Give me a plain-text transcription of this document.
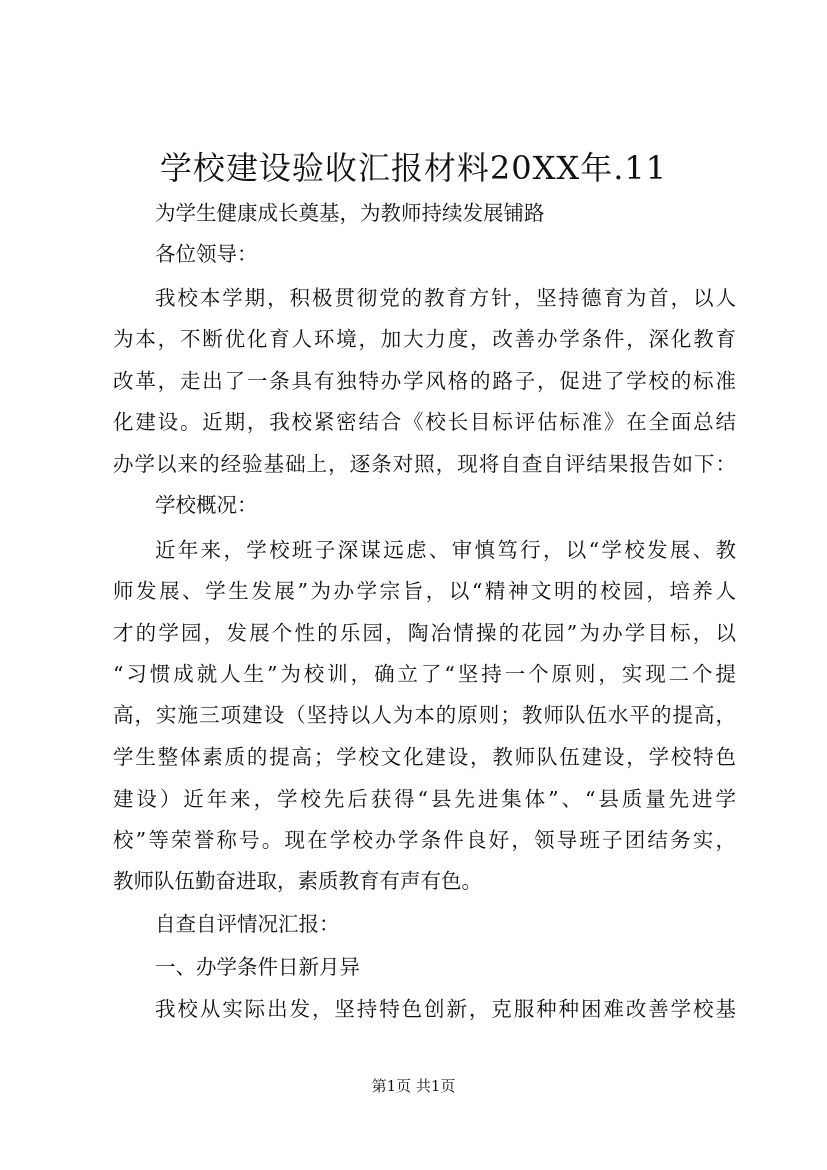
学校建设验收汇报材料20XX年.11
为学生健康成长奠基，为教师持续发展铺路
各位领导：
我校本学期，积极贯彻党的教育方针，坚持德育为首，以人
为本，不断优化育人环境，加大力度，改善办学条件，深化教育
改革，走出了一条具有独特办学风格的路子，促进了学校的标准
化建设。近期，我校紧密结合《校长目标评估标准》在全面总结
办学以来的经验基础上，逐条对照，现将自查自评结果报告如下：
学校概况：
近年来，学校班子深谋远虑、审慎笃行，以“学校发展、教
师发展、学生发展”为办学宗旨，以“精神文明的校园，培养人
才的学园，发展个性的乐园，陶冶情操的花园”为办学目标，以
“习惯成就人生”为校训，确立了“坚持一个原则，实现二个提
高，实施三项建设（坚持以人为本的原则；教师队伍水平的提高，
学生整体素质的提高；学校文化建设，教师队伍建设，学校特色
建设）近年来，学校先后获得“县先进集体”、“县质量先进学
校”等荣誉称号。现在学校办学条件良好，领导班子团结务实，
教师队伍勤奋进取，素质教育有声有色。
自查自评情况汇报：
一、办学条件日新月异
我校从实际出发，坚持特色创新，克服种种困难改善学校基
第1页 共1页
